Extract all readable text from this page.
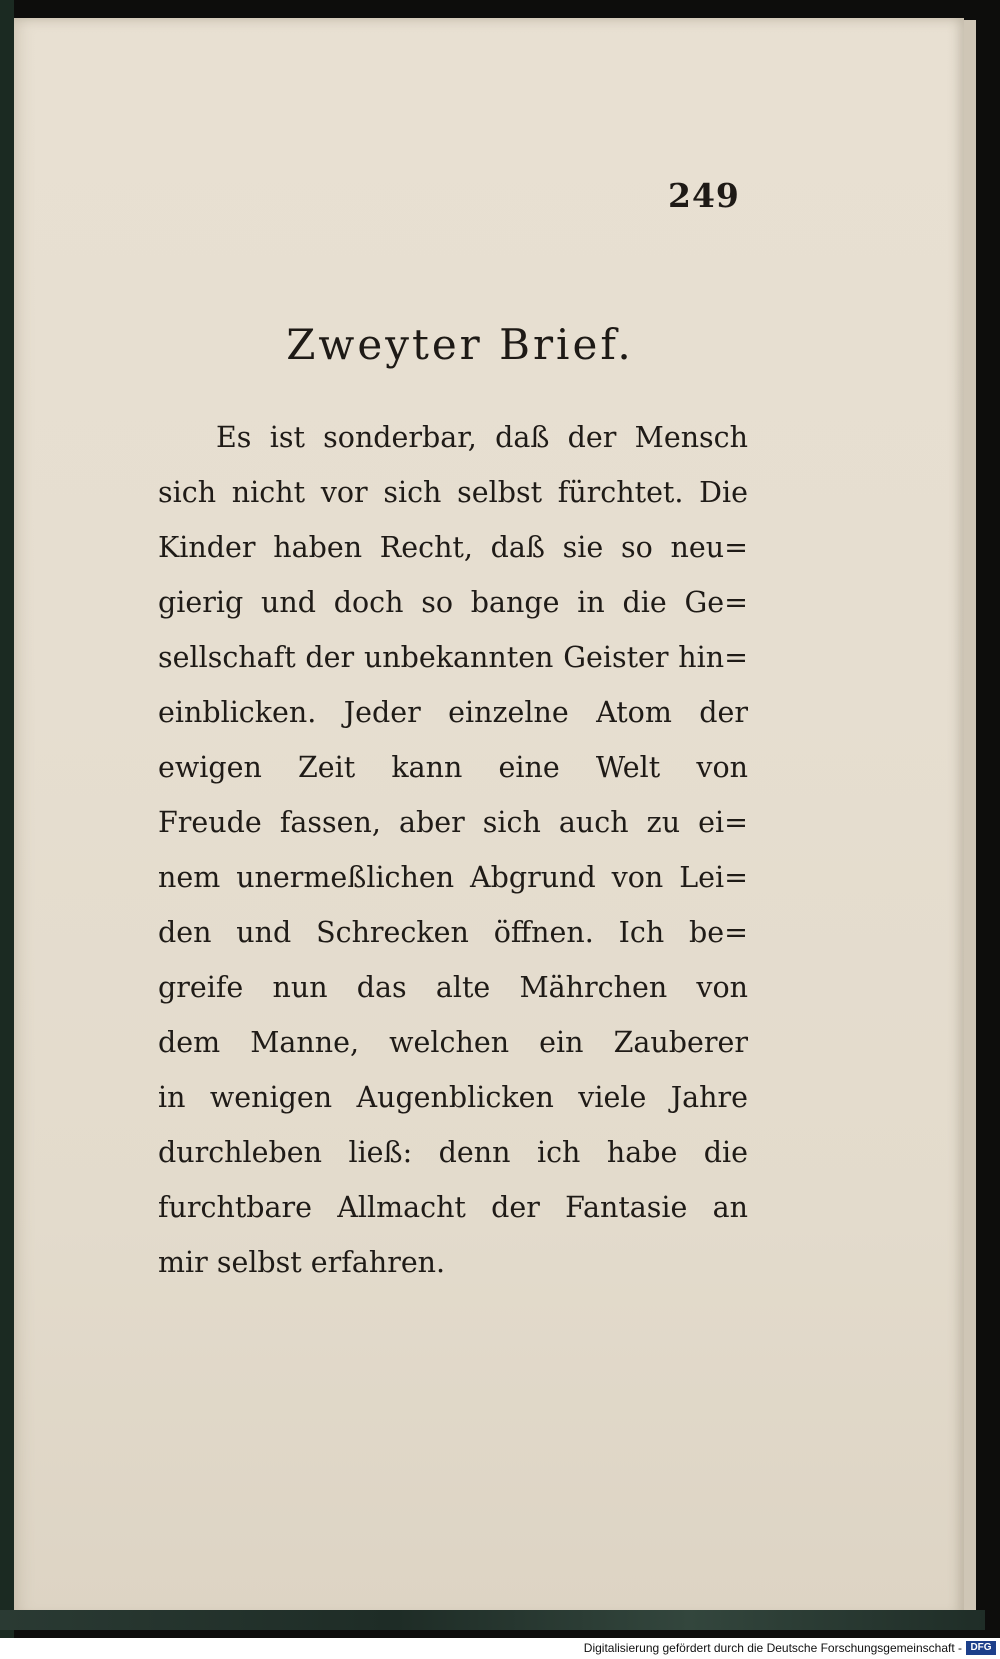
249
Zweyter Brief.
Es ist sonderbar, daß der Mensch
sich nicht vor sich selbst fürchtet. Die
Kinder haben Recht, daß sie so neu=
gierig und doch so bange in die Ge=
sellschaft der unbekannten Geister hin=
einblicken. Jeder einzelne Atom der
ewigen Zeit kann eine Welt von
Freude fassen, aber sich auch zu ei=
nem unermeßlichen Abgrund von Lei=
den und Schrecken öffnen. Ich be=
greife nun das alte Mährchen von
dem Manne, welchen ein Zauberer
in wenigen Augenblicken viele Jahre
durchleben ließ: denn ich habe die
furchtbare Allmacht der Fantasie an
mir selbst erfahren.
Digitalisierung gefördert durch die Deutsche Forschungsgemeinschaft - DFG
